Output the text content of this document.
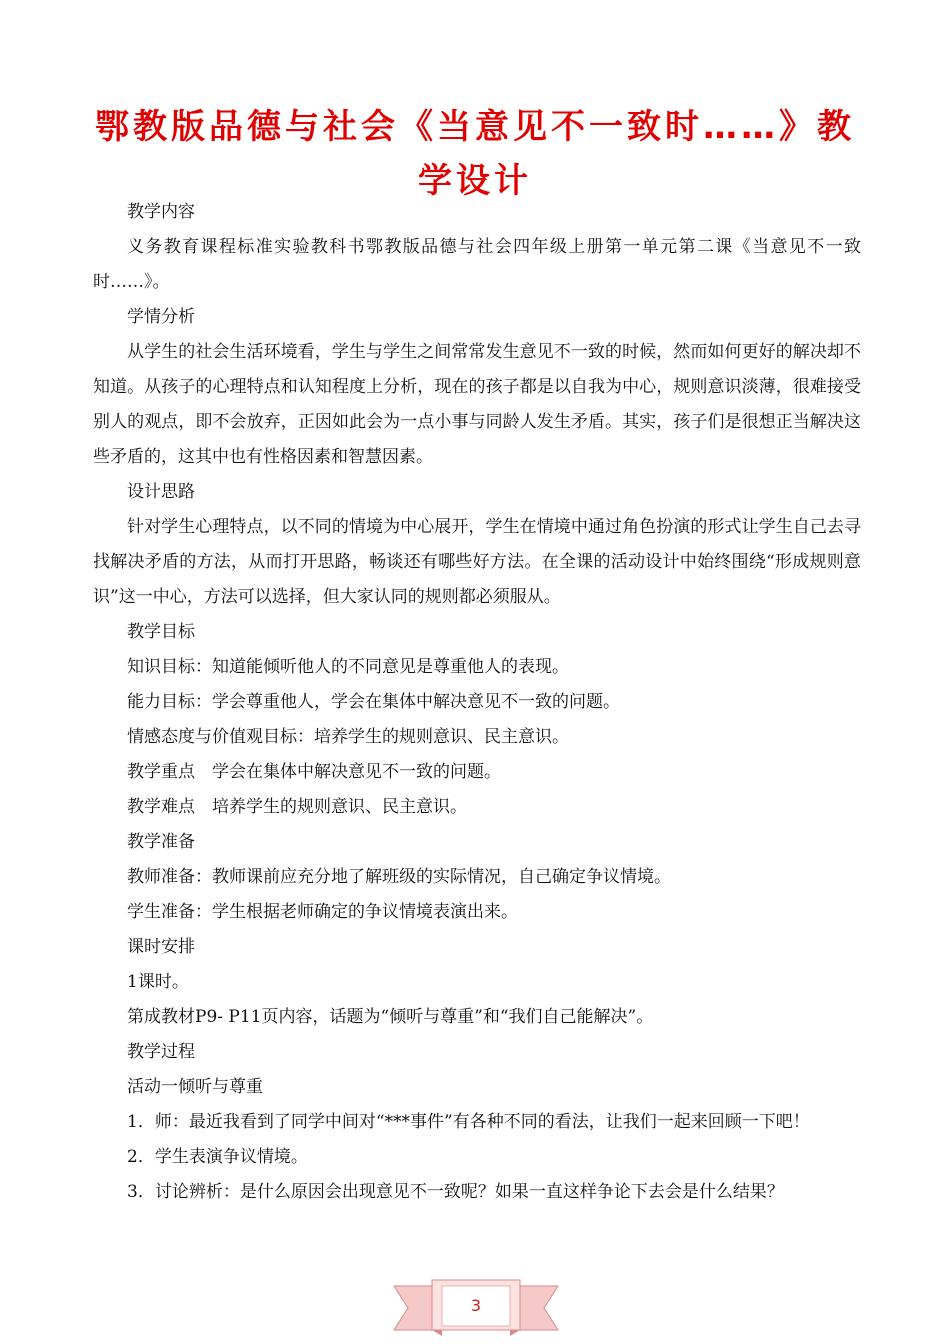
鄂教版品德与社会《当意见不一致时……》教学设计

教学内容

义务教育课程标准实验教科书鄂教版品德与社会四年级上册第一单元第二课《当意见不一致时……》。

学情分析

从学生的社会生活环境看，学生与学生之间常常发生意见不一致的时候，然而如何更好的解决却不知道。从孩子的心理特点和认知程度上分析，现在的孩子都是以自我为中心，规则意识淡薄，很难接受别人的观点，即不会放弃，正因如此会为一点小事与同龄人发生矛盾。其实，孩子们是很想正当解决这些矛盾的，这其中也有性格因素和智慧因素。

设计思路

针对学生心理特点，以不同的情境为中心展开，学生在情境中通过角色扮演的形式让学生自己去寻找解决矛盾的方法，从而打开思路，畅谈还有哪些好方法。在全课的活动设计中始终围绕“形成规则意识”这一中心，方法可以选择，但大家认同的规则都必须服从。

教学目标

知识目标：知道能倾听他人的不同意见是尊重他人的表现。

能力目标：学会尊重他人，学会在集体中解决意见不一致的问题。

情感态度与价值观目标：培养学生的规则意识、民主意识。

教学重点　学会在集体中解决意见不一致的问题。

教学难点　培养学生的规则意识、民主意识。

教学准备

教师准备：教师课前应充分地了解班级的实际情况，自己确定争议情境。

学生准备：学生根据老师确定的争议情境表演出来。

课时安排

1课时。

第成教材P9- P11页内容，话题为“倾听与尊重”和“我们自己能解决”。

教学过程

活动一倾听与尊重

1．师：最近我看到了同学中间对“***事件”有各种不同的看法，让我们一起来回顾一下吧！

2．学生表演争议情境。

3．讨论辨析：是什么原因会出现意见不一致呢？如果一直这样争论下去会是什么结果？

3
